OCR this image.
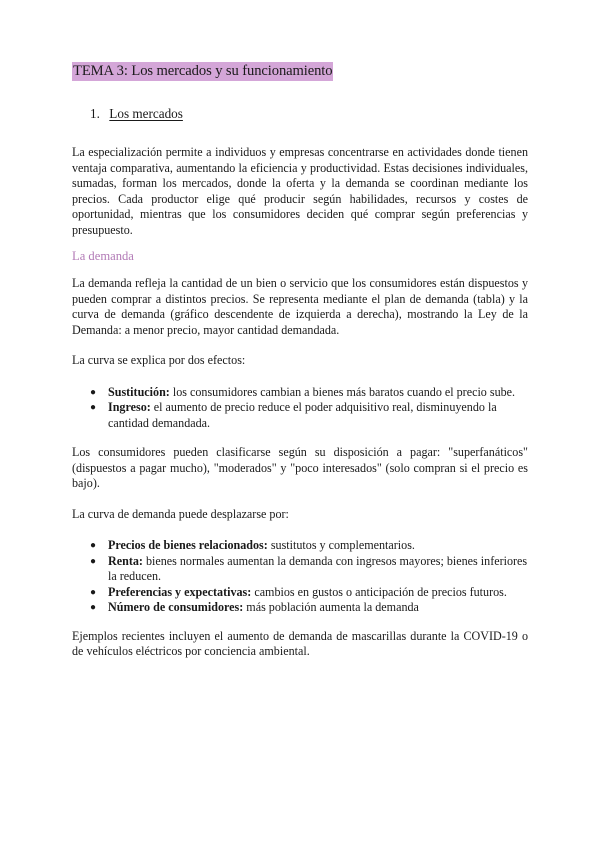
TEMA 3: Los mercados y su funcionamiento
1. Los mercados

La especialización permite a individuos y empresas concentrarse en actividades donde tienen ventaja comparativa, aumentando la eficiencia y productividad. Estas decisiones individuales, sumadas, forman los mercados, donde la oferta y la demanda se coordinan mediante los precios. Cada productor elige qué producir según habilidades, recursos y costes de oportunidad, mientras que los consumidores deciden qué comprar según preferencias y presupuesto.

La demanda

La demanda refleja la cantidad de un bien o servicio que los consumidores están dispuestos y pueden comprar a distintos precios. Se representa mediante el plan de demanda (tabla) y la curva de demanda (gráfico descendente de izquierda a derecha), mostrando la Ley de la Demanda: a menor precio, mayor cantidad demandada.

La curva se explica por dos efectos:

● Sustitución: los consumidores cambian a bienes más baratos cuando el precio sube.
● Ingreso: el aumento de precio reduce el poder adquisitivo real, disminuyendo la cantidad demandada.

Los consumidores pueden clasificarse según su disposición a pagar: "superfanáticos" (dispuestos a pagar mucho), "moderados" y "poco interesados" (solo compran si el precio es bajo).

La curva de demanda puede desplazarse por:

● Precios de bienes relacionados: sustitutos y complementarios.
● Renta: bienes normales aumentan la demanda con ingresos mayores; bienes inferiores la reducen.
● Preferencias y expectativas: cambios en gustos o anticipación de precios futuros.
● Número de consumidores: más población aumenta la demanda

Ejemplos recientes incluyen el aumento de demanda de mascarillas durante la COVID-19 o de vehículos eléctricos por conciencia ambiental.
